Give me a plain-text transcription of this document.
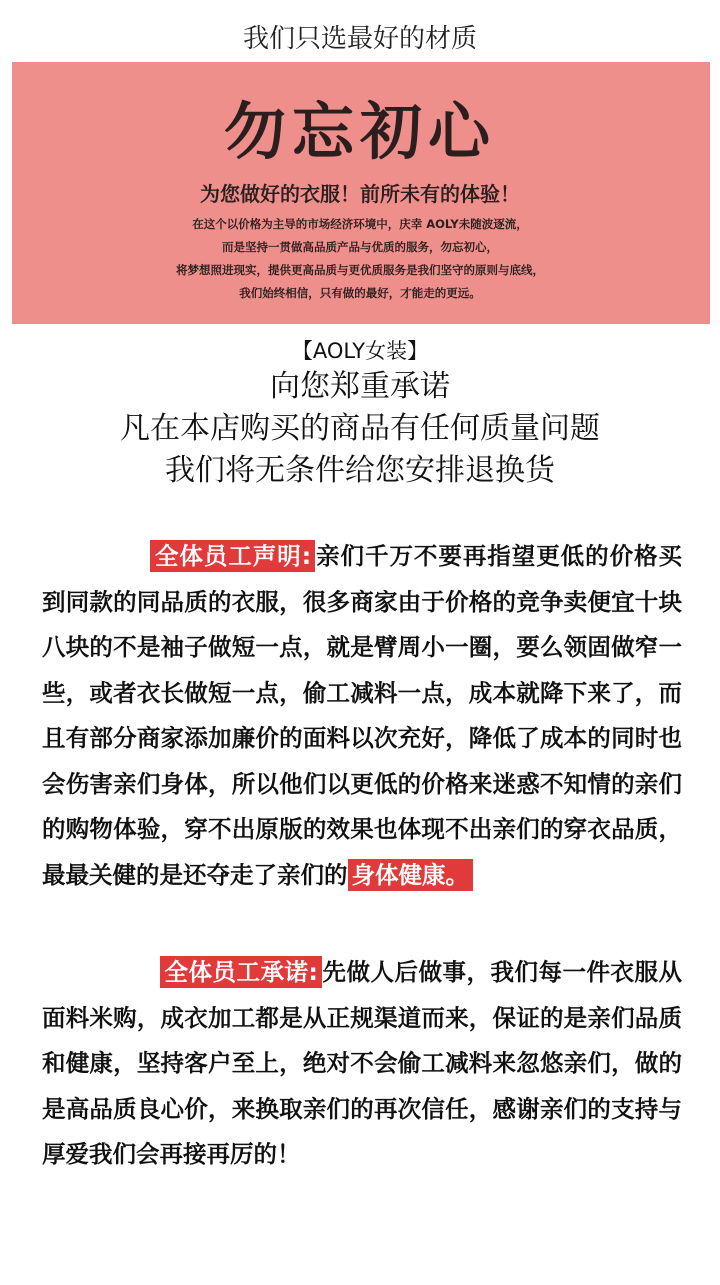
我们只选最好的材质
勿忘初心
为您做好的衣服！前所未有的体验！
在这个以价格为主导的市场经济环境中，庆幸 AOLY未随波逐流，
而是坚持一贯做高品质产品与优质的服务，勿忘初心，
将梦想照进现实，提供更高品质与更优质服务是我们坚守的原则与底线，
我们始终相信，只有做的最好，才能走的更远。
【AOLY女装】
向您郑重承诺
凡在本店购买的商品有任何质量问题
我们将无条件给您安排退换货
全体员工声明: 亲们千万不要再指望更低的价格买到同款的同品质的衣服，很多商家由于价格的竞争卖便宜十块八块的不是袖子做短一点，就是臂周小一圈，要么领固做窄一些，或者衣长做短一点，偷工减料一点，成本就降下来了，而且有部分商家添加廉价的面料以次充好，降低了成本的同时也会伤害亲们身体，所以他们以更低的价格来迷惑不知情的亲们的购物体验，穿不出原版的效果也体现不出亲们的穿衣品质，最最关健的是还夺走了亲们的 身体健康。
全体员工承诺: 先做人后做事，我们每一件衣服从面料米购，成衣加工都是从正规渠道而来，保证的是亲们品质和健康，坚持客户至上，绝对不会偷工减料来忽悠亲们，做的是高品质良心价，来换取亲们的再次信任，感谢亲们的支持与厚爱我们会再接再厉的！
